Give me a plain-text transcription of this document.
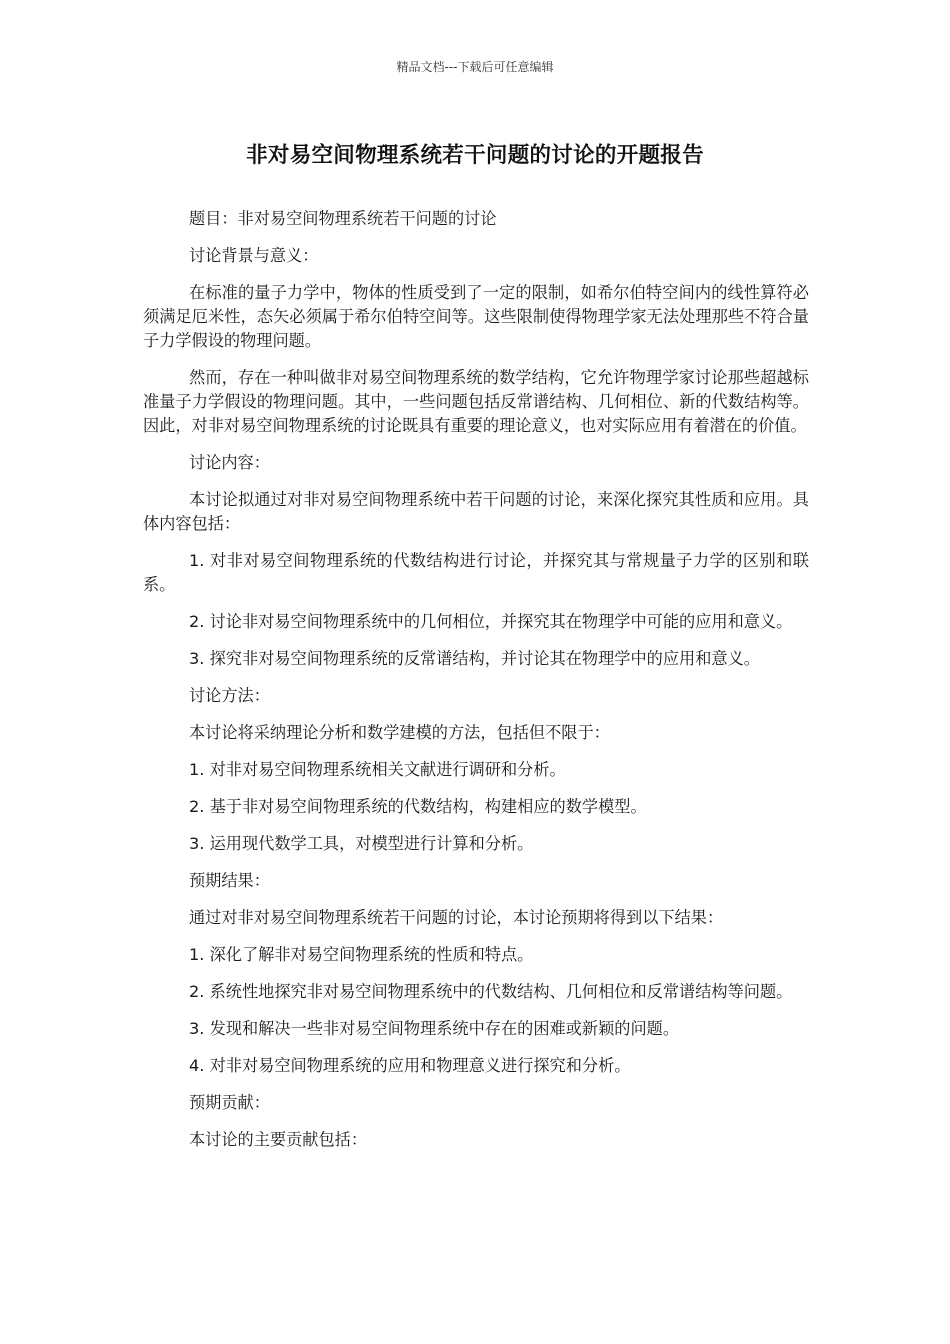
精品文档---下载后可任意编辑
非对易空间物理系统若干问题的讨论的开题报告

题目：非对易空间物理系统若干问题的讨论

讨论背景与意义：

在标准的量子力学中，物体的性质受到了一定的限制，如希尔伯特空间内的线性算符必须满足厄米性，态矢必须属于希尔伯特空间等。这些限制使得物理学家无法处理那些不符合量子力学假设的物理问题。

然而，存在一种叫做非对易空间物理系统的数学结构，它允许物理学家讨论那些超越标准量子力学假设的物理问题。其中，一些问题包括反常谱结构、几何相位、新的代数结构等。因此，对非对易空间物理系统的讨论既具有重要的理论意义，也对实际应用有着潜在的价值。

讨论内容：

本讨论拟通过对非对易空间物理系统中若干问题的讨论，来深化探究其性质和应用。具体内容包括：

1. 对非对易空间物理系统的代数结构进行讨论，并探究其与常规量子力学的区别和联系。

2. 讨论非对易空间物理系统中的几何相位，并探究其在物理学中可能的应用和意义。

3. 探究非对易空间物理系统的反常谱结构，并讨论其在物理学中的应用和意义。

讨论方法：

本讨论将采纳理论分析和数学建模的方法，包括但不限于：

1. 对非对易空间物理系统相关文献进行调研和分析。

2. 基于非对易空间物理系统的代数结构，构建相应的数学模型。

3. 运用现代数学工具，对模型进行计算和分析。

预期结果：

通过对非对易空间物理系统若干问题的讨论，本讨论预期将得到以下结果：

1. 深化了解非对易空间物理系统的性质和特点。

2. 系统性地探究非对易空间物理系统中的代数结构、几何相位和反常谱结构等问题。

3. 发现和解决一些非对易空间物理系统中存在的困难或新颖的问题。

4. 对非对易空间物理系统的应用和物理意义进行探究和分析。

预期贡献：

本讨论的主要贡献包括：
